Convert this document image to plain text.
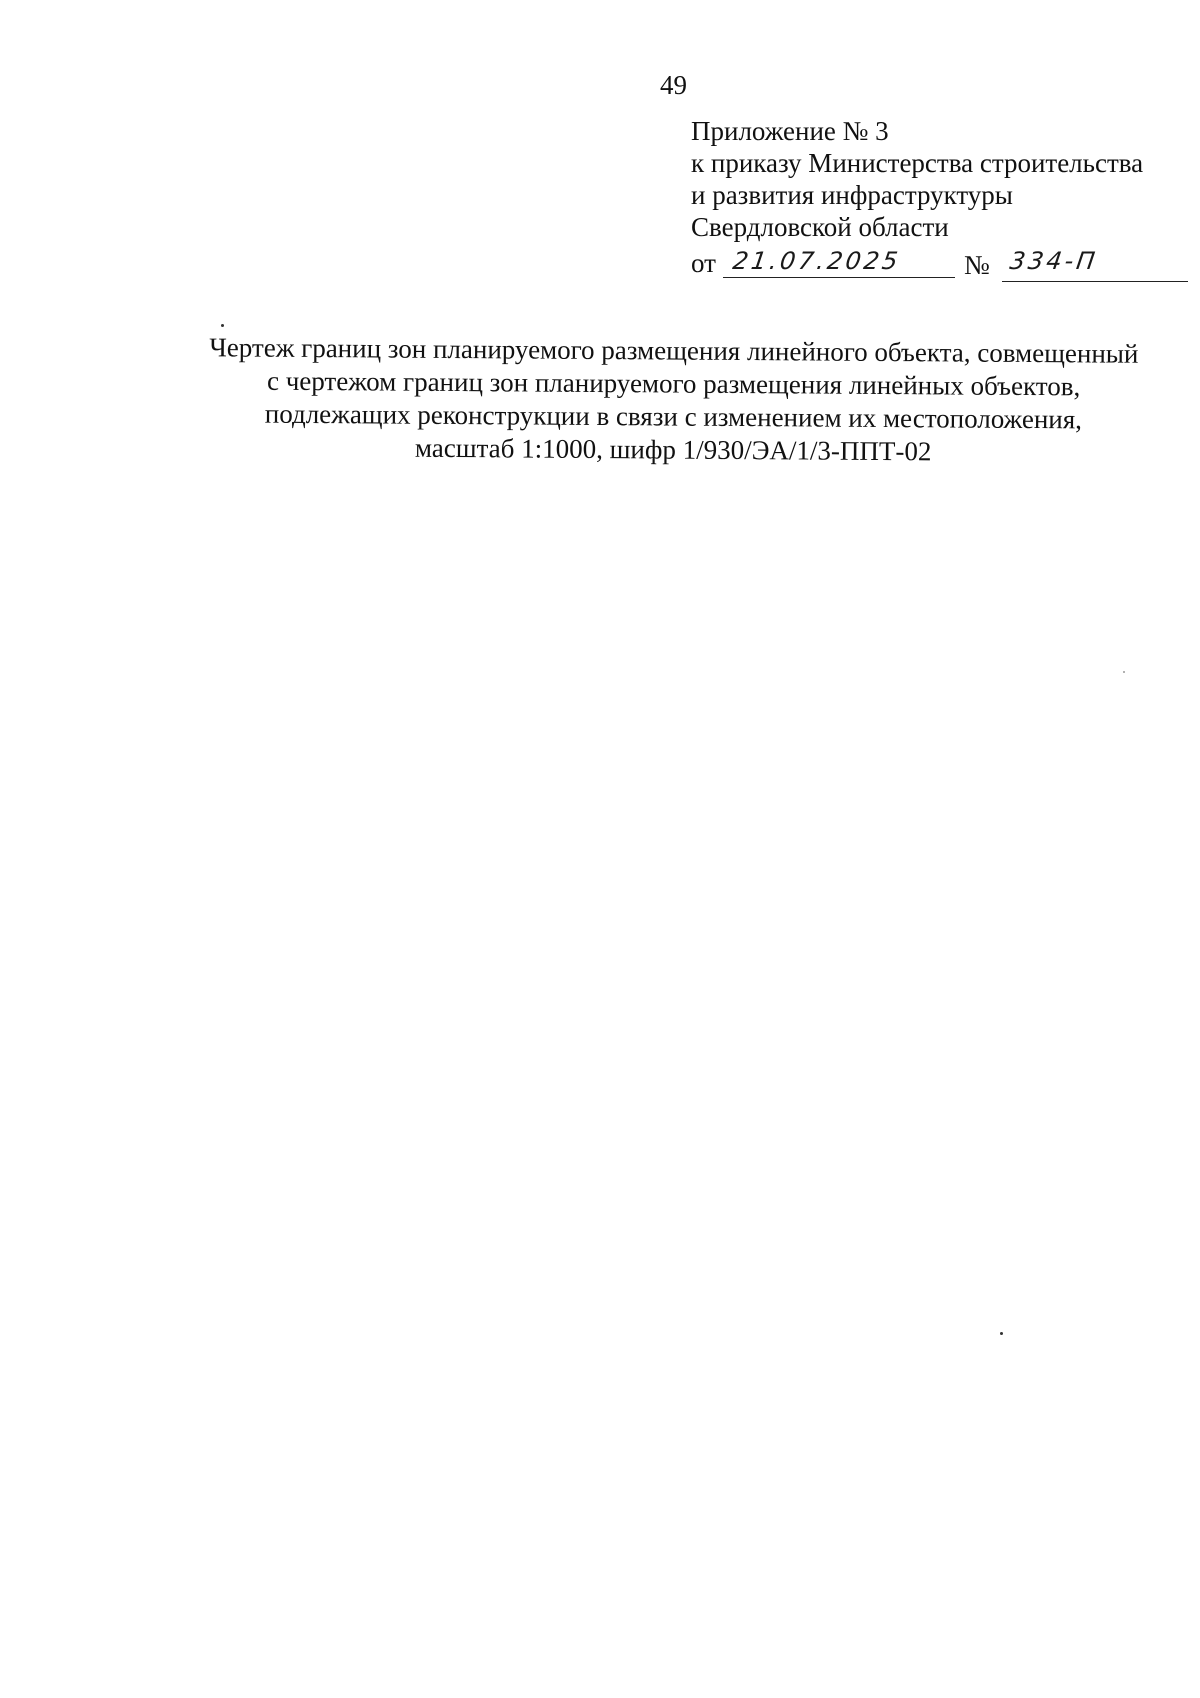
49
Приложение № 3
к приказу Министерства строительства
и развития инфраструктуры
Свердловской области
от 21.07.2025 № 334-П
Чертеж границ зон планируемого размещения линейного объекта, совмещенный
с чертежом границ зон планируемого размещения линейных объектов,
подлежащих реконструкции в связи с изменением их местоположения,
масштаб 1:1000, шифр 1/930/ЭА/1/3-ППТ-02
